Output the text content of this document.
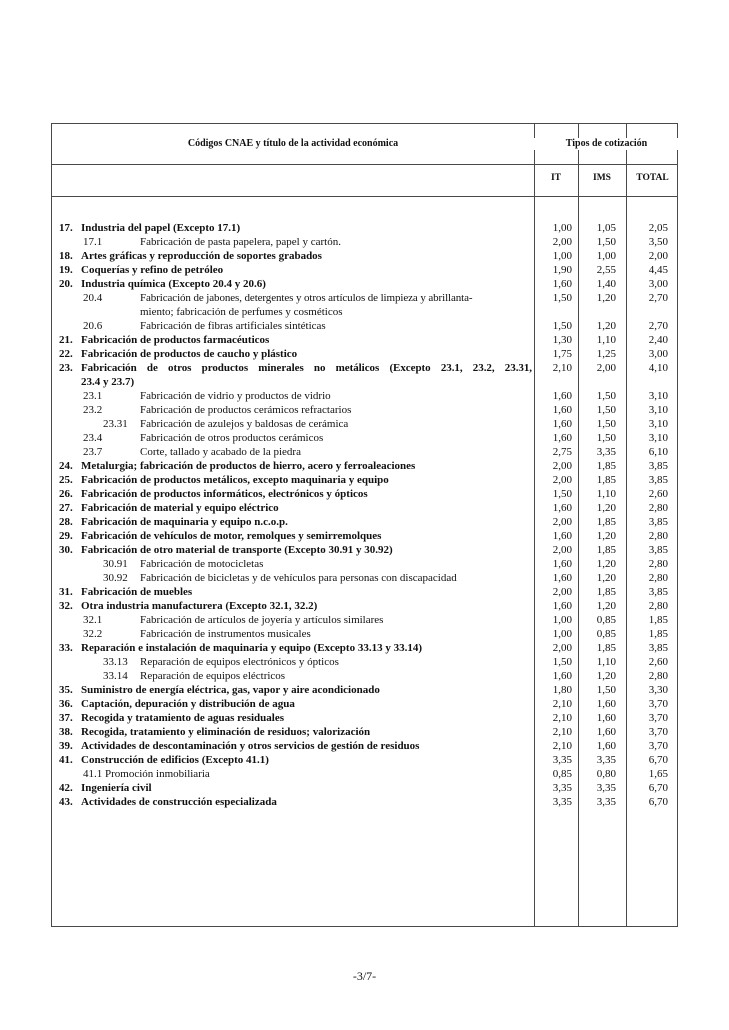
Códigos CNAE y título de la actividad económica	Tipos de cotización
IT	IMS	TOTAL
17. Industria del papel (Excepto 17.1)	1,00	1,05	2,05
17.1	Fabricación de pasta papelera, papel y cartón.	2,00	1,50	3,50
18. Artes gráficas y reproducción de soportes grabados	1,00	1,00	2,00
19. Coquerías y refino de petróleo	1,90	2,55	4,45
20. Industria química (Excepto 20.4 y 20.6)	1,60	1,40	3,00
20.4	Fabricación de jabones, detergentes y otros artículos de limpieza y abrillanta-	1,50	1,20	2,70
miento; fabricación de perfumes y cosméticos
20.6	Fabricación de fibras artificiales sintéticas	1,50	1,20	2,70
21. Fabricación de productos farmacéuticos	1,30	1,10	2,40
22. Fabricación de productos de caucho y plástico	1,75	1,25	3,00
23. Fabricación de otros productos minerales no metálicos (Excepto 23.1, 23.2, 23.31,	2,10	2,00	4,10
23.4 y 23.7)
23.1	Fabricación de vidrio y productos de vidrio	1,60	1,50	3,10
23.2	Fabricación de productos cerámicos refractarios	1,60	1,50	3,10
23.31 Fabricación de azulejos y baldosas de cerámica	1,60	1,50	3,10
23.4	Fabricación de otros productos cerámicos	1,60	1,50	3,10
23.7	Corte, tallado y acabado de la piedra	2,75	3,35	6,10
24. Metalurgia; fabricación de productos de hierro, acero y ferroaleaciones	2,00	1,85	3,85
25. Fabricación de productos metálicos, excepto maquinaria y equipo	2,00	1,85	3,85
26. Fabricación de productos informáticos, electrónicos y ópticos	1,50	1,10	2,60
27. Fabricación de material y equipo eléctrico	1,60	1,20	2,80
28. Fabricación de maquinaria y equipo n.c.o.p.	2,00	1,85	3,85
29. Fabricación de vehículos de motor, remolques y semirremolques	1,60	1,20	2,80
30. Fabricación de otro material de transporte (Excepto 30.91 y 30.92)	2,00	1,85	3,85
30.91 Fabricación de motocicletas	1,60	1,20	2,80
30.92 Fabricación de bicicletas y de vehículos para personas con discapacidad	1,60	1,20	2,80
31. Fabricación de muebles	2,00	1,85	3,85
32. Otra industria manufacturera (Excepto 32.1, 32.2)	1,60	1,20	2,80
32.1	Fabricación de artículos de joyería y artículos similares	1,00	0,85	1,85
32.2	Fabricación de instrumentos musicales	1,00	0,85	1,85
33. Reparación e instalación de maquinaria y equipo (Excepto 33.13 y 33.14)	2,00	1,85	3,85
33.13 Reparación de equipos electrónicos y ópticos	1,50	1,10	2,60
33.14 Reparación de equipos eléctricos	1,60	1,20	2,80
35. Suministro de energía eléctrica, gas, vapor y aire acondicionado	1,80	1,50	3,30
36. Captación, depuración y distribución de agua	2,10	1,60	3,70
37. Recogida y tratamiento de aguas residuales	2,10	1,60	3,70
38. Recogida, tratamiento y eliminación de residuos; valorización	2,10	1,60	3,70
39. Actividades de descontaminación y otros servicios de gestión de residuos	2,10	1,60	3,70
41. Construcción de edificios (Excepto 41.1)	3,35	3,35	6,70
41.1 Promoción inmobiliaria	0,85	0,80	1,65
42. Ingeniería civil	3,35	3,35	6,70
43. Actividades de construcción especializada	3,35	3,35	6,70
-3/7-
